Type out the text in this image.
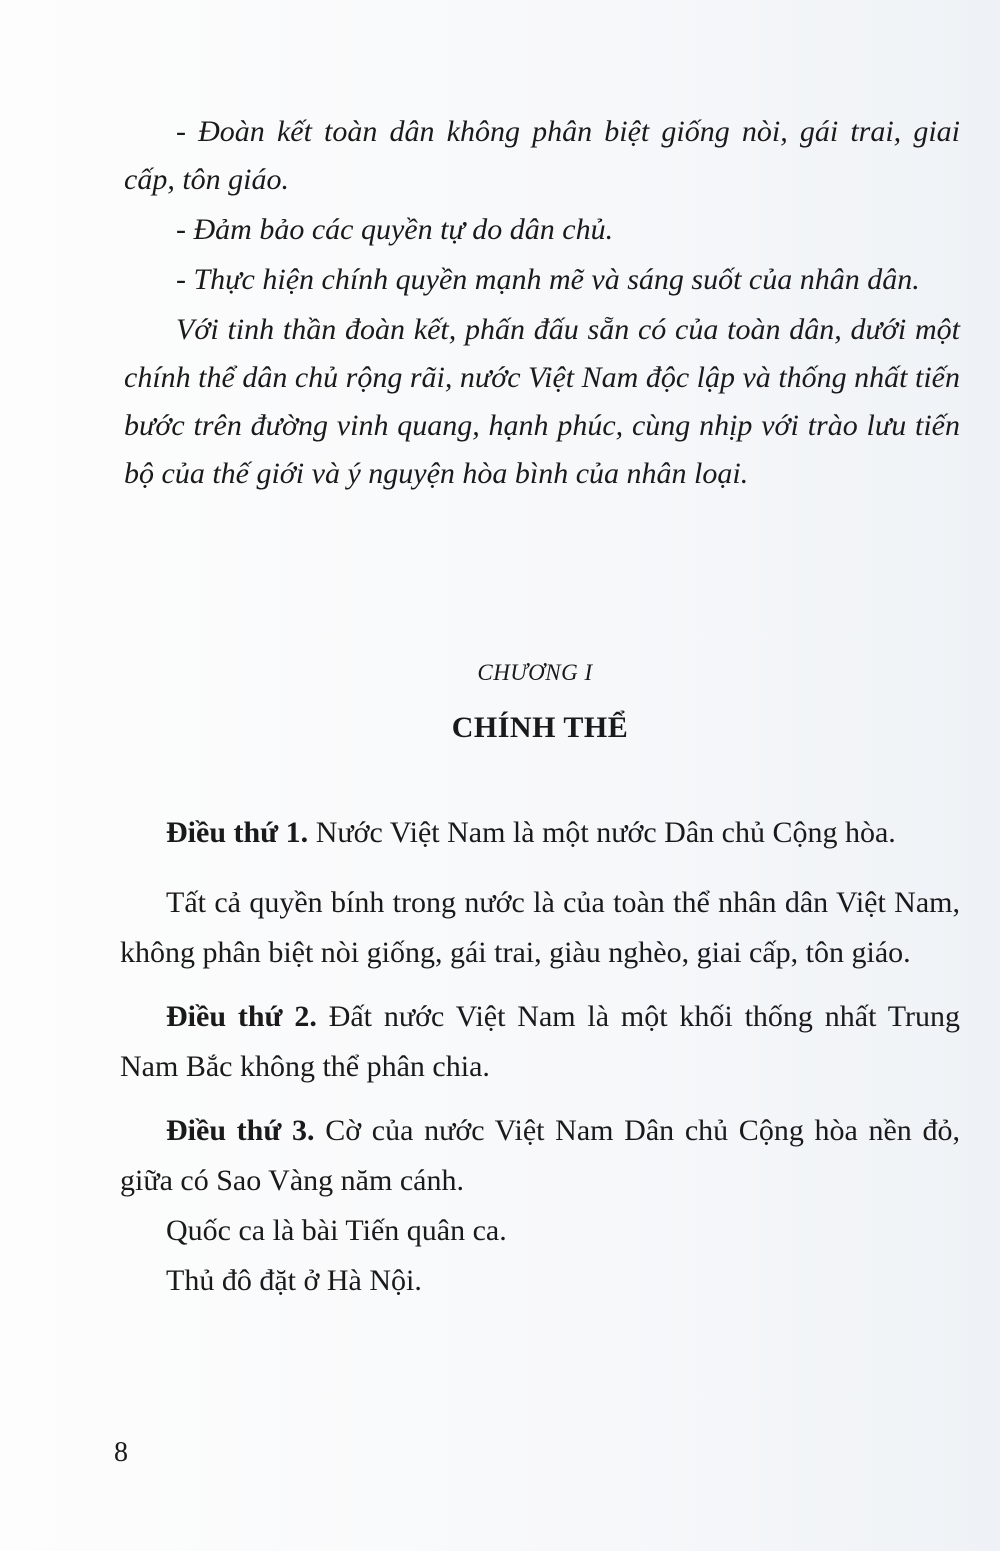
- Đoàn kết toàn dân không phân biệt giống nòi, gái trai, giai cấp, tôn giáo.

- Đảm bảo các quyền tự do dân chủ.

- Thực hiện chính quyền mạnh mẽ và sáng suốt của nhân dân.

Với tinh thần đoàn kết, phấn đấu sẵn có của toàn dân, dưới một chính thể dân chủ rộng rãi, nước Việt Nam độc lập và thống nhất tiến bước trên đường vinh quang, hạnh phúc, cùng nhịp với trào lưu tiến bộ của thế giới và ý nguyện hòa bình của nhân loại.

CHƯƠNG I
CHÍNH THỂ

Điều thứ 1. Nước Việt Nam là một nước Dân chủ Cộng hòa.

Tất cả quyền bính trong nước là của toàn thể nhân dân Việt Nam, không phân biệt nòi giống, gái trai, giàu nghèo, giai cấp, tôn giáo.

Điều thứ 2. Đất nước Việt Nam là một khối thống nhất Trung Nam Bắc không thể phân chia.

Điều thứ 3. Cờ của nước Việt Nam Dân chủ Cộng hòa nền đỏ, giữa có Sao Vàng năm cánh.

Quốc ca là bài Tiến quân ca.

Thủ đô đặt ở Hà Nội.

8
